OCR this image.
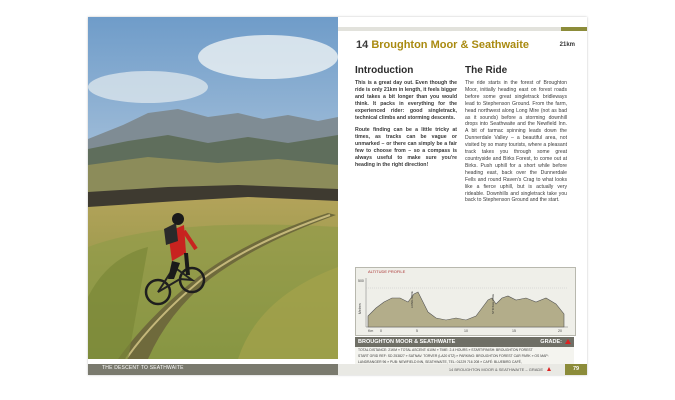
THE DESCENT TO SEATHWAITE
14 Broughton Moor & Seathwaite	21km
Introduction

This is a great day out. Even though the ride is only 21km in length, it feels bigger and takes a bit longer than you would think. It packs in everything for the experienced rider: good singletrack, technical climbs and storming descents.

Route finding can be a little tricky at times, as tracks can be vague or unmarked – or there can simply be a fair few to choose from – so a compass is always useful to make sure you're heading in the right direction!

The Ride

The ride starts in the forest of Broughton Moor, initially heading east on forest roads before some great singletrack bridleways lead to Stephenson Ground. From the farm, head northwest along Long Mire (not as bad as it sounds) before a storming downhill drops into Seathwaite and the Newfield Inn. A bit of tarmac spinning leads down the Dunnerdale Valley – a beautiful area, not visited by so many tourists, where a pleasant track takes you through some great countryside and Birks Forest, to come out at Birks. Push uphill for a short while before heading east, back over the Dunnerdale Fells and round Raven's Crag to what looks like a fierce uphill, but is actually very rideable. Downhills and singletrack take you back to Stephenson Ground and the start.

ALTITUDE PROFILE
500
Metres
Km 0	5	10	15	20
LONG MIRE	STICKLE PIKE
BROUGHTON MOOR & SEATHWAITE	GRADE:

TOTAL DISTANCE: 21KM » TOTAL ASCENT: 610M » TIME: 2-4 HOURS » START/FINISH: BROUGHTON FOREST

START GRID REF: SD 253827 » SATNAV: TORVER (LA20 6TZ) » PARKING: BROUGHTON FOREST CAR PARK » OS MAP:

LANDRANGER 96 » PUB: NEWFIELD INN, SEATHWAITE, TEL: 01229 716 208 » CAFÉ: BLUEBIRD CAFÉ,

14 BROUGHTON MOOR & SEATHWAITE – GRADE	79
